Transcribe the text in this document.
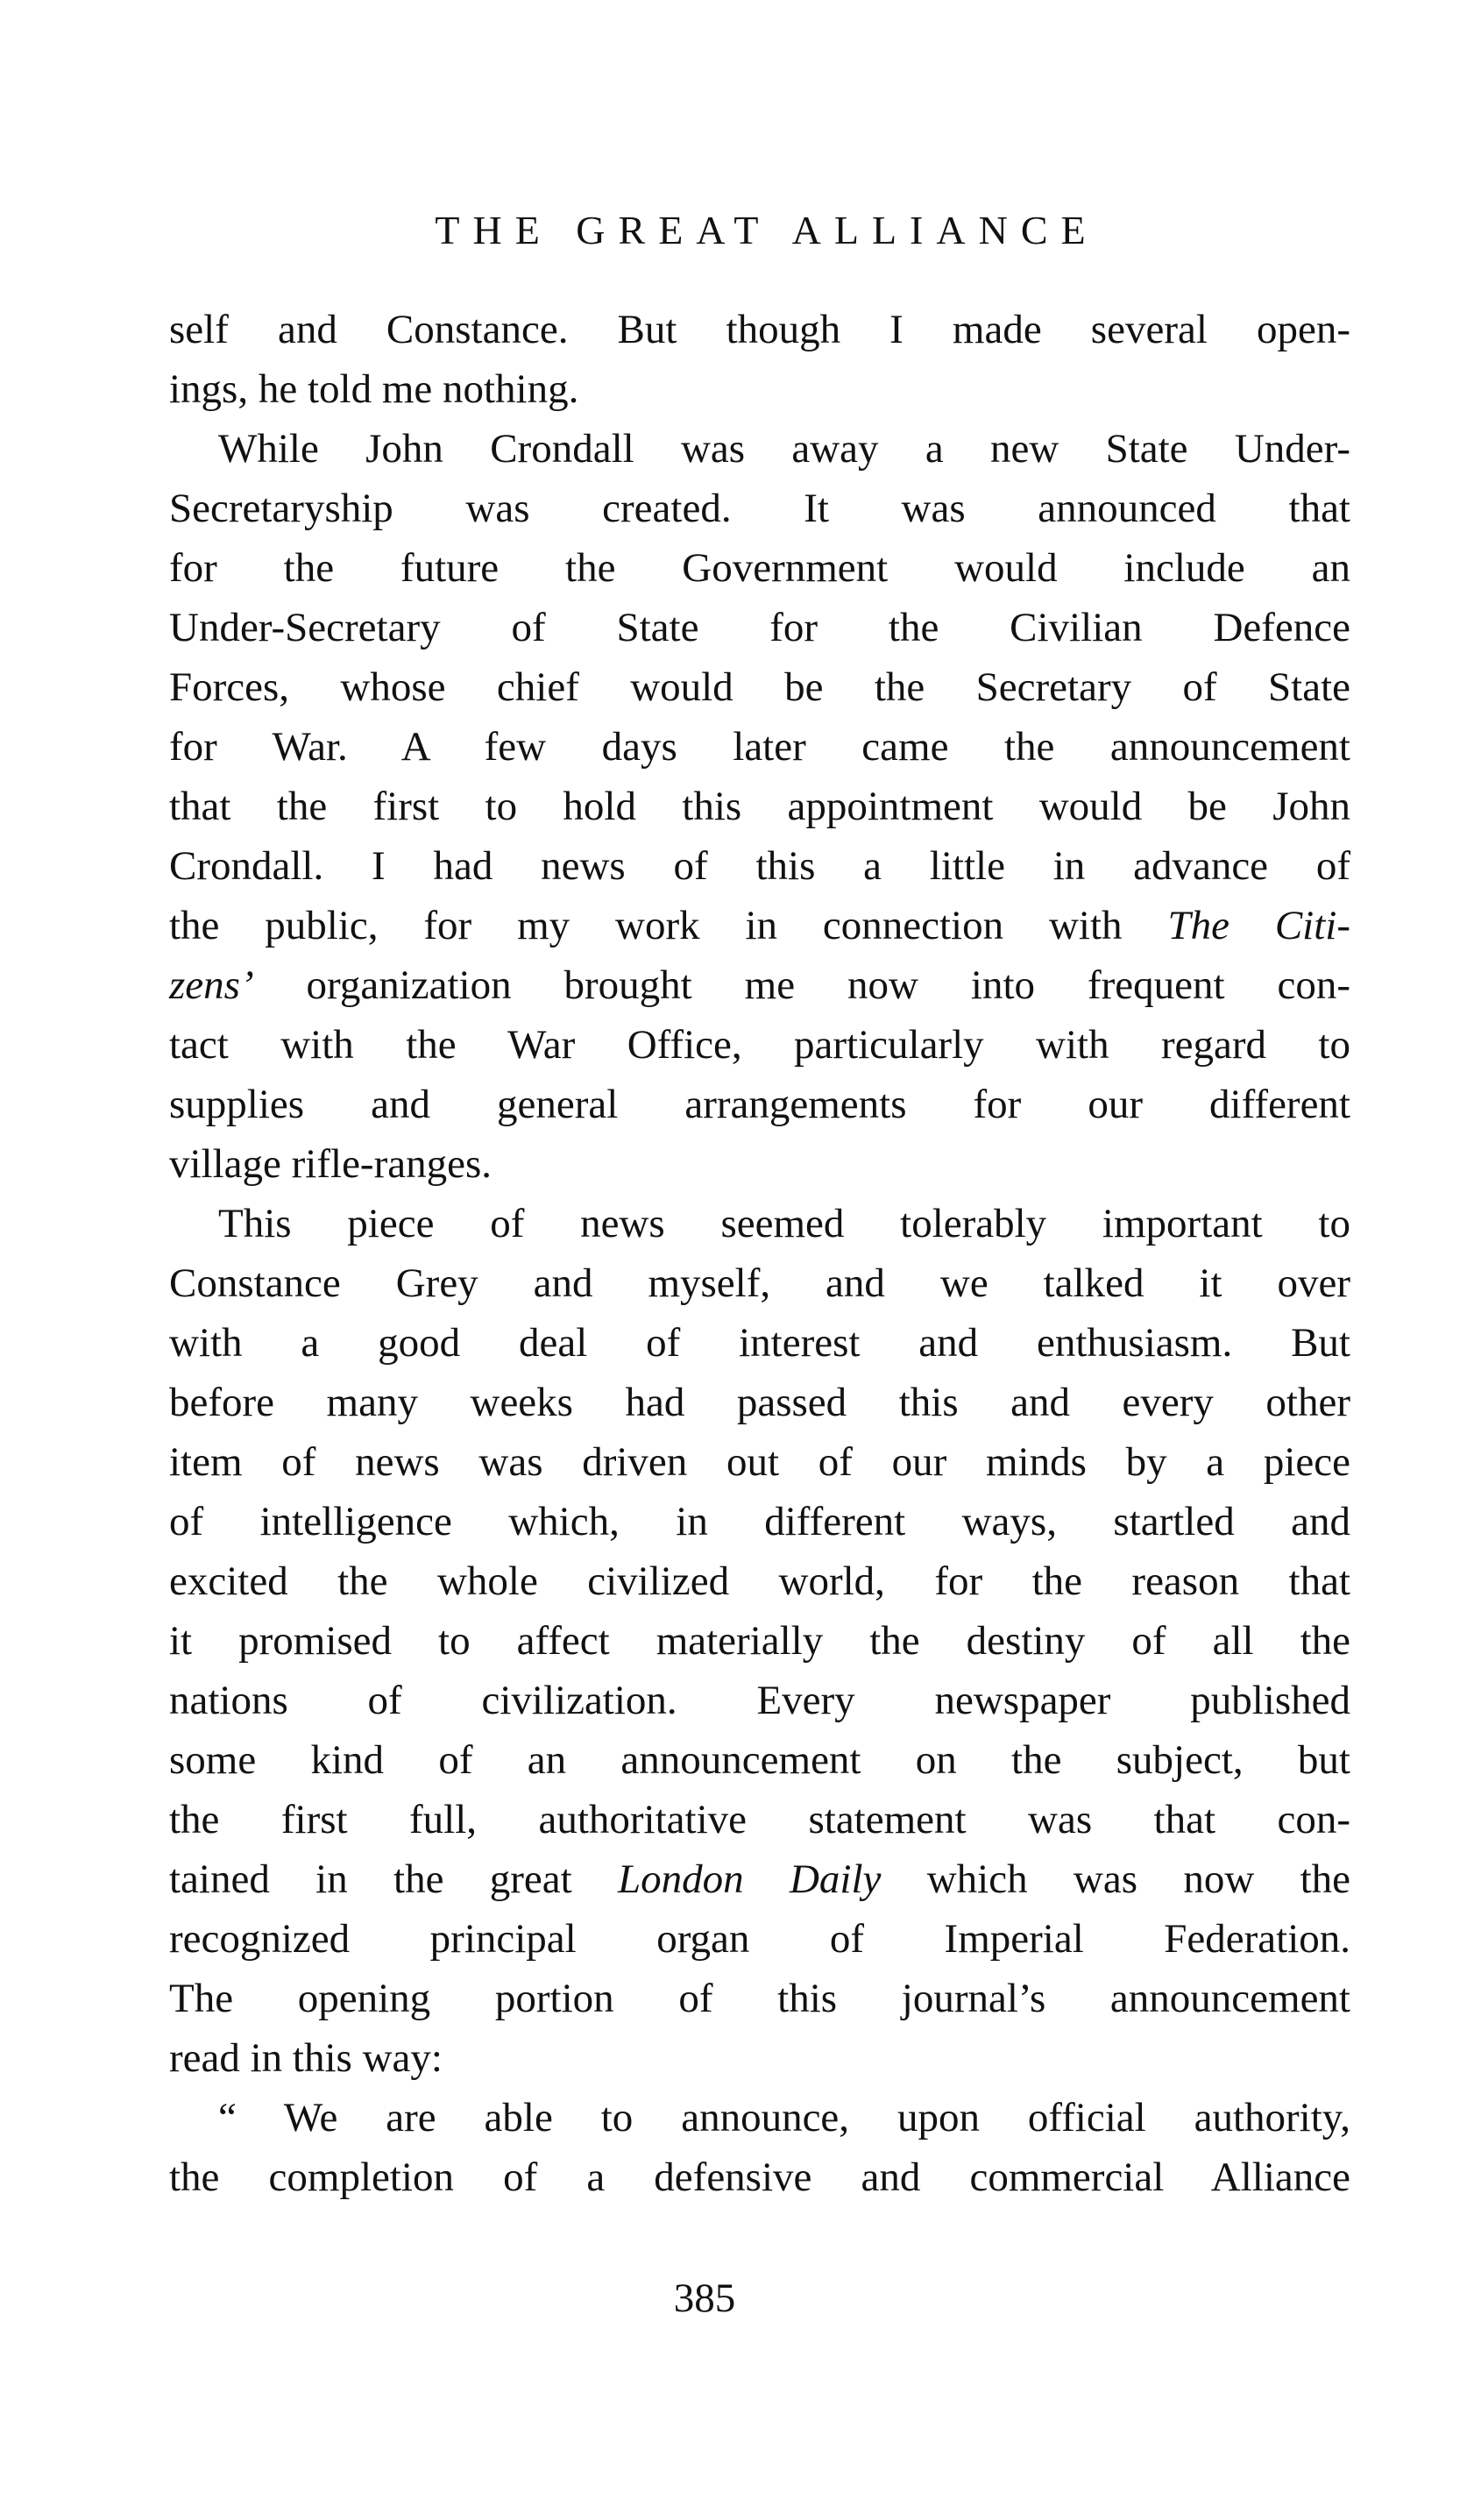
THE GREAT ALLIANCE
self and Constance. But though I made several open-
ings, he told me nothing.
While John Crondall was away a new State Under-
Secretaryship was created. It was announced that
for the future the Government would include an
Under-Secretary of State for the Civilian Defence
Forces, whose chief would be the Secretary of State
for War. A few days later came the announcement
that the first to hold this appointment would be John
Crondall. I had news of this a little in advance of
the public, for my work in connection with The Citi-
zens’ organization brought me now into frequent con-
tact with the War Office, particularly with regard to
supplies and general arrangements for our different
village rifle-ranges.
This piece of news seemed tolerably important to
Constance Grey and myself, and we talked it over
with a good deal of interest and enthusiasm. But
before many weeks had passed this and every other
item of news was driven out of our minds by a piece
of intelligence which, in different ways, startled and
excited the whole civilized world, for the reason that
it promised to affect materially the destiny of all the
nations of civilization. Every newspaper published
some kind of an announcement on the subject, but
the first full, authoritative statement was that con-
tained in the great London Daily which was now the
recognized principal organ of Imperial Federation.
The opening portion of this journal’s announcement
read in this way:
“ We are able to announce, upon official authority,
the completion of a defensive and commercial Alliance
385
